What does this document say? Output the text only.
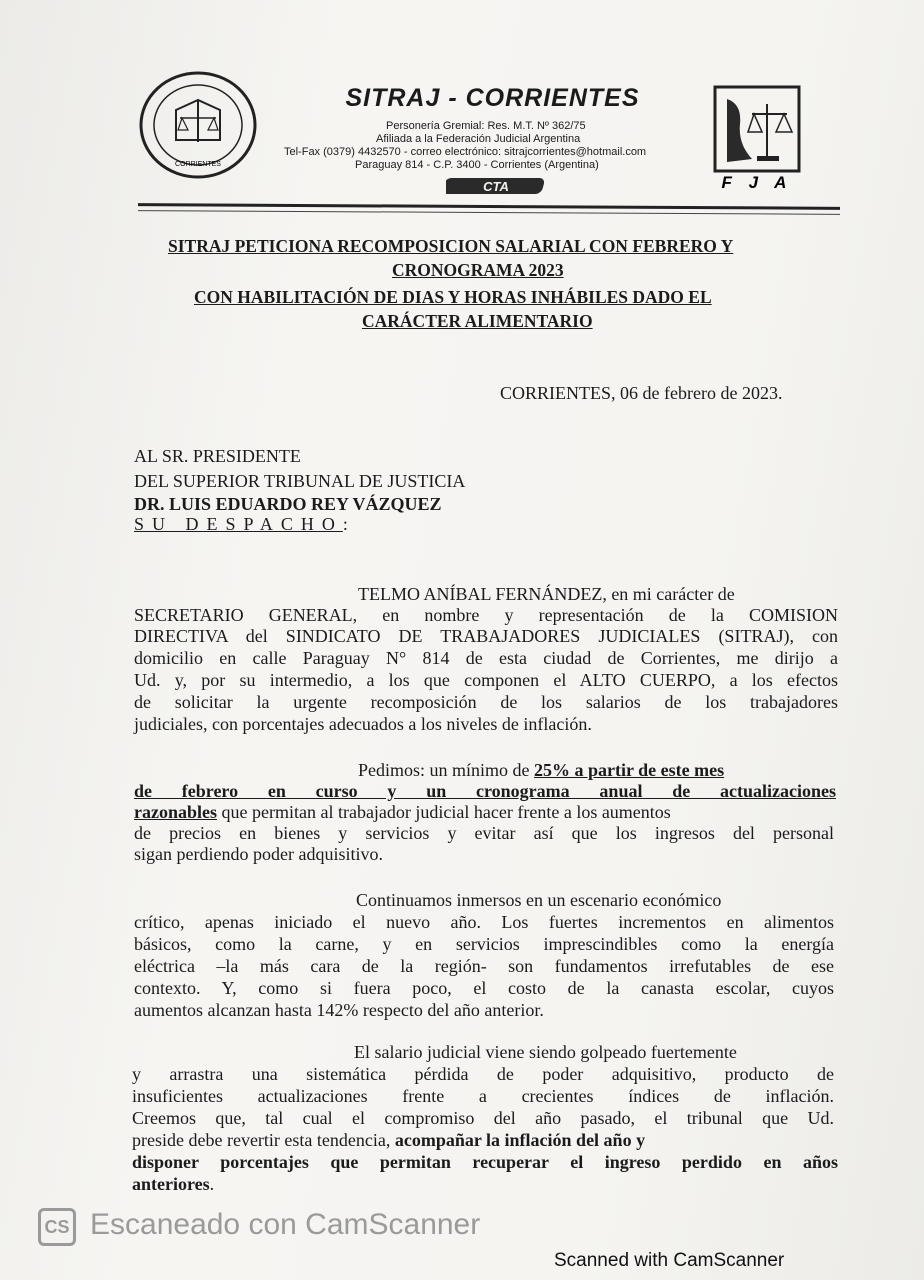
CORRIENTES
SITRAJ - CORRIENTES
Personería Gremial: Res. M.T. Nº 362/75
Afiliada a la Federación Judicial Argentina
Tel-Fax (0379) 4432570 - correo electrónico: sitrajcorrientes@hotmail.com
Paraguay 814 - C.P. 3400 - Corrientes (Argentina)
CTA	F J A
SITRAJ PETICIONA RECOMPOSICION SALARIAL CON FEBRERO Y
CRONOGRAMA 2023
CON HABILITACIÓN DE DIAS Y HORAS INHÁBILES DADO EL
CARÁCTER ALIMENTARIO
CORRIENTES, 06 de febrero de 2023.
AL SR. PRESIDENTE
DEL SUPERIOR TRIBUNAL DE JUSTICIA
DR. LUIS EDUARDO REY VÁZQUEZ
SU DESPACHO:
TELMO ANÍBAL FERNÁNDEZ, en mi carácter de
SECRETARIO GENERAL, en nombre y representación de la COMISION
DIRECTIVA del SINDICATO DE TRABAJADORES JUDICIALES (SITRAJ), con
domicilio en calle Paraguay N° 814 de esta ciudad de Corrientes, me dirijo a
Ud. y, por su intermedio, a los que componen el ALTO CUERPO, a los efectos
de solicitar la urgente recomposición de los salarios de los trabajadores
judiciales, con porcentajes adecuados a los niveles de inflación.
Pedimos: un mínimo de 25% a partir de este mes
de febrero en curso y un cronograma anual de actualizaciones
razonables que permitan al trabajador judicial hacer frente a los aumentos
de precios en bienes y servicios y evitar así que los ingresos del personal
sigan perdiendo poder adquisitivo.
Continuamos inmersos en un escenario económico
crítico, apenas iniciado el nuevo año. Los fuertes incrementos en alimentos
básicos, como la carne, y en servicios imprescindibles como la energía
eléctrica –la más cara de la región- son fundamentos irrefutables de ese
contexto. Y, como si fuera poco, el costo de la canasta escolar, cuyos
aumentos alcanzan hasta 142% respecto del año anterior.
El salario judicial viene siendo golpeado fuertemente
y arrastra una sistemática pérdida de poder adquisitivo, producto de
insuficientes actualizaciones frente a crecientes índices de inflación.
Creemos que, tal cual el compromiso del año pasado, el tribunal que Ud.
preside debe revertir esta tendencia, acompañar la inflación del año y
disponer porcentajes que permitan recuperar el ingreso perdido en años
anteriores.
CS Escaneado con CamScanner
Scanned with CamScanner
